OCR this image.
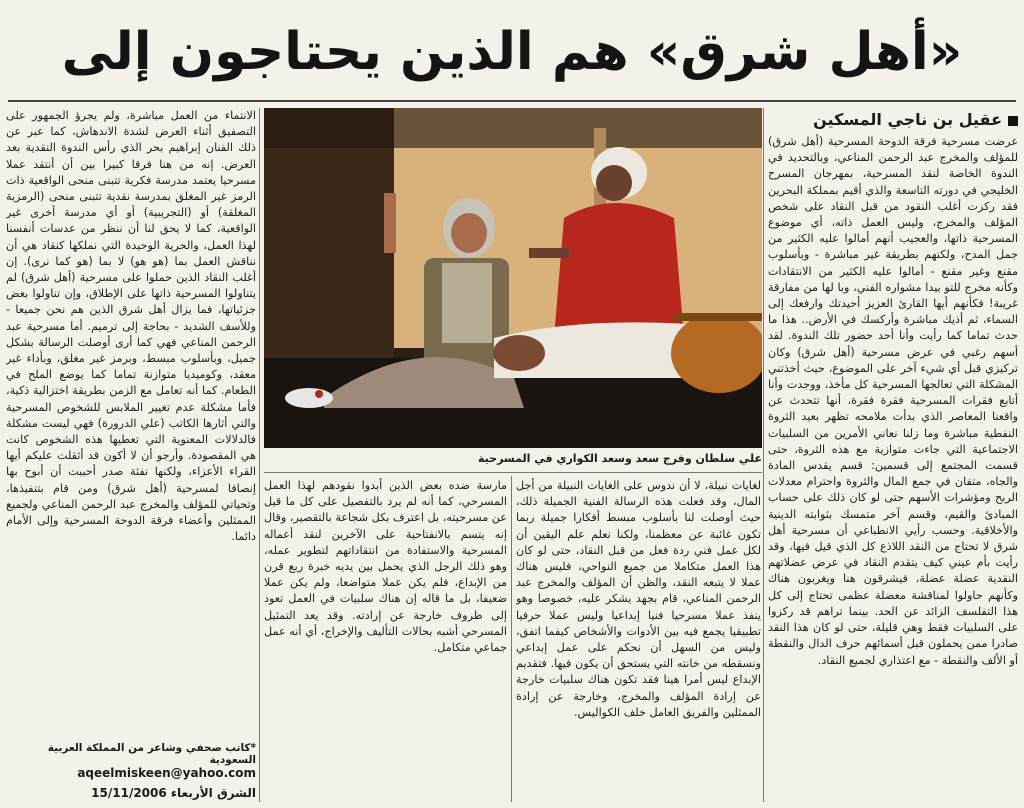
«أهل شرق» هم الذين يحتاجون إلى
عقيل بن ناجي المسكين

عرضت مسرحية فرقة الدوحة المسرحية (أهل شرق) للمؤلف والمخرج عبد الرحمن المناعي، وبالتحديد في الندوة الخاصة لنقد المسرحية، بمهرجان المسرح الخليجي في دورته التاسعة والذي أقيم بمملكة البحرين فقد ركزت أغلب النقود من قبل النقاد على شخص المؤلف والمخرج، وليس العمل ذاته، أي موضوع المسرحية ذاتها، والعجيب أنهم أمالوا عليه الكثير من جمل المدح، ولكنهم بطريقة غير مباشرة - وبأسلوب مقنع وغير مقنع - أمالوا عليه الكثير من الانتقادات وكأنه مخرج للتو بيدا مشواره الفني، وبا لها من مفارقة غريبة! فكأنهم أيها القارئ العزيز أحيدتك وارفعك إلى السماء، ثم أذيك مباشرة وأركسك في الأرض.. هذا ما حدث تماما كما رأيت وأنا أحد حضور تلك الندوة. لقد أسهم رغبي في عرض مسرحية (أهل شرق) وكان تركيزي قبل أي شيء آخر على الموضوع، حيث أخذتني المشكلة التي تعالجها المسرحية كل مأخذ، ووجدت وأنا أتابع فقرات المسرحية فقرة فقرة، أنها تتحدث عن واقعنا المعاصر الذي بدأت ملامحه تظهر بعيد الثروة النفطية مباشرة وما زلنا نعاني الأمرين من السلبيات الاجتماعية التي جاءت متوازية مع هذه الثروة، حتى قسمت المجتمع إلى قسمين: قسم يقدس المادة والجاه، متفان في جمع المال والثروة واحترام معدلات الربح ومؤشرات الأسهم حتى لو كان ذلك على حساب المبادئ والقيم، وقسم آخر متمسك بثوابته الدينية والأخلاقية. وحسب رأيي الانطباعي أن مسرحية أهل شرق لا تحتاج من النقد اللاذع كل الذي قيل فيها، وقد رأيت بأم عيني كيف يتقدم النقاد في عرض عضلاتهم النقدية عضلة عضلة، فيشرقون هنا ويغربون هناك وكأنهم حاولوا لمناقشة معضلة عظمى تحتاج إلى كل هذا التفلسف الزائد عن الحد. بينما تراهم قد ركزوا على السلبيات فقط وهي قليلة، حتى لو كان هذا النقد صادرا ممن يحملون قبل أسمائهم حرف الدال والنقطة أو الألف والنقطة - مع اعتذاري لجميع النقاد.

علي سلطان وفرج سعد وسعد الكواري في المسرحية

لغايات نبيلة، لا أن ندوس على الغايات النبيلة من أجل المال، وقد فعلت هذه الرسالة الفنية الجميلة ذلك، حيث أوصلت لنا بأسلوب مبسط أفكارا جميلة ربما تكون غائبة عن معظمنا، ولكنا نعلم علم اليقين أن لكل عمل فني ردة فعل من قبل النقاد، حتى لو كان هذا العمل متكاملا من جميع النواحي، فليس هناك عملا لا يتبعه النقد، والظن أن المؤلف والمخرج عبد الرحمن المناعي، قام بجهد يشكر عليه، خصوصا وهو ينفذ عملا مسرحيا فنيا إبداعيا وليس عملا حرفيا تطبيقيا يجمع فيه بين الأدوات والأشخاص كيفما اتفق، وليس من السهل أن نحكم على عمل إبداعي ونسقطه من خانته التي يستحق أن يكون فيها. فتقديم الإبداع ليس أمرا هينا فقد تكون هناك سلبيات خارجة عن إرادة المؤلف والمخرج، وخارجة عن إرادة الممثلين والفريق العامل خلف الكواليس.

مارسة ضده بعض الذين أبدوا نقودهم لهذا العمل المسرحي، كما أنه لم يرد بالتفصيل على كل ما قيل عن مسرحيته، بل اعترف بكل شجاعة بالتقصير، وقال إنه يتسم بالانفتاحية على الآخرين لنقد أعماله المسرحية والاستفادة من انتقاداتهم لتطوير عمله، وهو ذلك الرجل الذي يحمل بين يديه خبرة ربع قرن من الإبداع، فلم يكن عملا متواضعا، ولم يكن عملا ضعيفا، بل ما قاله إن هناك سلبيات في العمل تعود إلى ظروف خارجة عن إرادته. وقد يعد التمثيل المسرحي أشبه بحالات التأليف والإخراج، أي أنه عمل جماعي متكامل.

الانتماء من العمل مباشرة، ولم يجرؤ الجمهور على التصفيق أثناء العرض لشدة الاندهاش، كما عبر عن ذلك الفنان إبراهيم بحر الذي رأس الندوة النقدية بعد العرض. إنه من هنا فرقا كبيرا بين أن أنتقد عملا مسرحيا يعتمد مدرسة فكرية تتبنى منحى الواقعية ذات الرمز غير المغلق بمدرسة نقدية تتبنى منحى (الرمزية المغلقة) أو (التجريبية) أو أي مدرسة أخرى غير الواقعية، كما لا يحق لنا أن ننظر من عدسات أنفسنا لهذا العمل، والحرية الوحيدة التي نملكها كنقاد هي أن نناقش العمل بما (هو هو) لا بما (هو كما نرى). إن أغلب النقاد الذين حملوا على مسرحية (أهل شرق) لم يتناولوا المسرحية ذاتها على الإطلاق، وإن تناولوا بعض جزئياتها، فما يزال أهل شرق الذين هم نحن جميعا - وللأسف الشديد - بحاجة إلى ترميم. أما مسرحية عبد الرحمن المناعي فهي كما أرى أوصلت الرسالة بشكل جميل، وبأسلوب مبسط، وبرمز غير مغلق، وبأداء غير معقد، وكوميديا متوازنة تماما كما يوضع الملح في الطعام. كما أنه تعامل مع الزمن بطريقة اختزالية ذكية، فأما مشكلة عدم تغيير الملابس للشخوص المسرحية والتي أثارها الكاتب (علي الدرورة) فهي ليست مشكلة فالدلالات المعنوية التي تعطيها هذه الشخوص كانت هي المقصودة. وأرجو أن لا أكون قد أثقلت عليكم أيها القراء الأعزاء، ولكنها نفثة صدر أحببت أن أبوح بها إنصافا لمسرحية (أهل شرق) ومن قام بتنفيذها، وتحياتي للمؤلف والمخرج عبد الرحمن المناعي ولجميع الممثلين وأعضاء فرقة الدوحة المسرحية وإلى الأمام دائما.

*كاتب صحفي وشاعر من المملكة العربية السعودية
aqeelmiskeen@yahoo.com
الشرق الأربعاء 15/11/2006
